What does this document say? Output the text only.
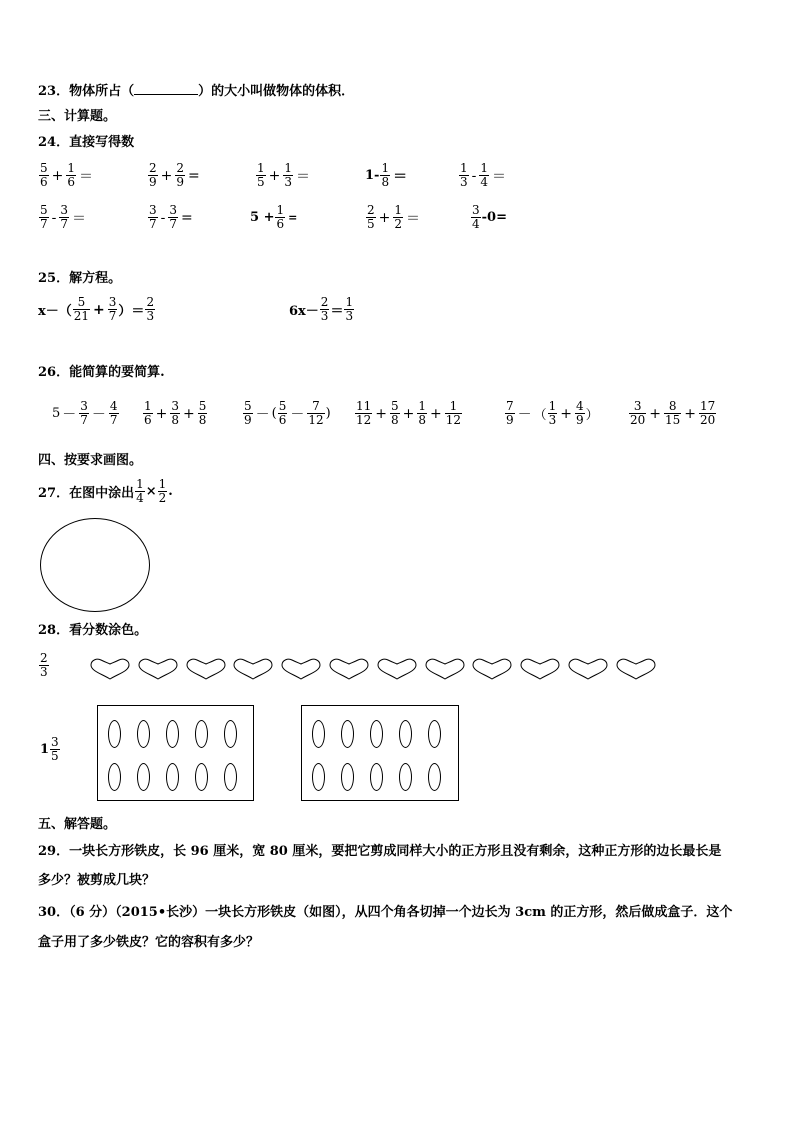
23．物体所占（	）的大小叫做物体的体积．
三、计算题。
24．直接写得数
$\frac{5}{6} + \frac{1}{6}$ ＝	$\frac{2}{9} + \frac{2}{9}$ =	$\frac{1}{5} + \frac{1}{3}$ ＝	$1- \frac{1}{8}$ ＝	$\frac{1}{3} - \frac{1}{4}$ ＝
$\frac{5}{7} - \frac{3}{7}$ ＝	$\frac{3}{7} - \frac{3}{7}$ =	$5 + \frac{1}{6}$ =	$\frac{2}{5} + \frac{1}{2}$ ＝	$\frac{3}{4} -0=$
25．解方程。
$x-( \frac{5}{21} + \frac{3}{7}$ ）＝ $\frac{2}{3}$	$6x- \frac{2}{3} = \frac{1}{3}$
26．能简算的要简算.
$5 - \frac{3}{7} - \frac{4}{7} \frac{1}{6} + \frac{3}{8} + \frac{5}{8}$	$\frac{5}{9}$ － ( $\frac{5}{6} - \frac{7}{12}$ ) $\frac{11}{12} + \frac{5}{8} + \frac{1}{8} + \frac{1}{12}$	$\frac{7}{9}$ － （ $\frac{1}{3} + \frac{4}{9}$ ）	$\frac{3}{20} + \frac{8}{15} + \frac{17}{20}$
四、按要求画图。
27．在图中涂出 $\frac{1}{4} \times \frac{1}{2}$ .
28．看分数涂色。
$\frac{2}{3}$
$1 \frac{3}{5}$
五、解答题。
29．一块长方形铁皮，长 96 厘米，宽 80 厘米，要把它剪成同样大小的正方形且没有剩余，这种正方形的边长最长是
多少？被剪成几块？
30．（6 分）（2015•长沙）一块长方形铁皮（如图），从四个角各切掉一个边长为 3cm 的正方形，然后做成盒子．这个
盒子用了多少铁皮？它的容积有多少？
